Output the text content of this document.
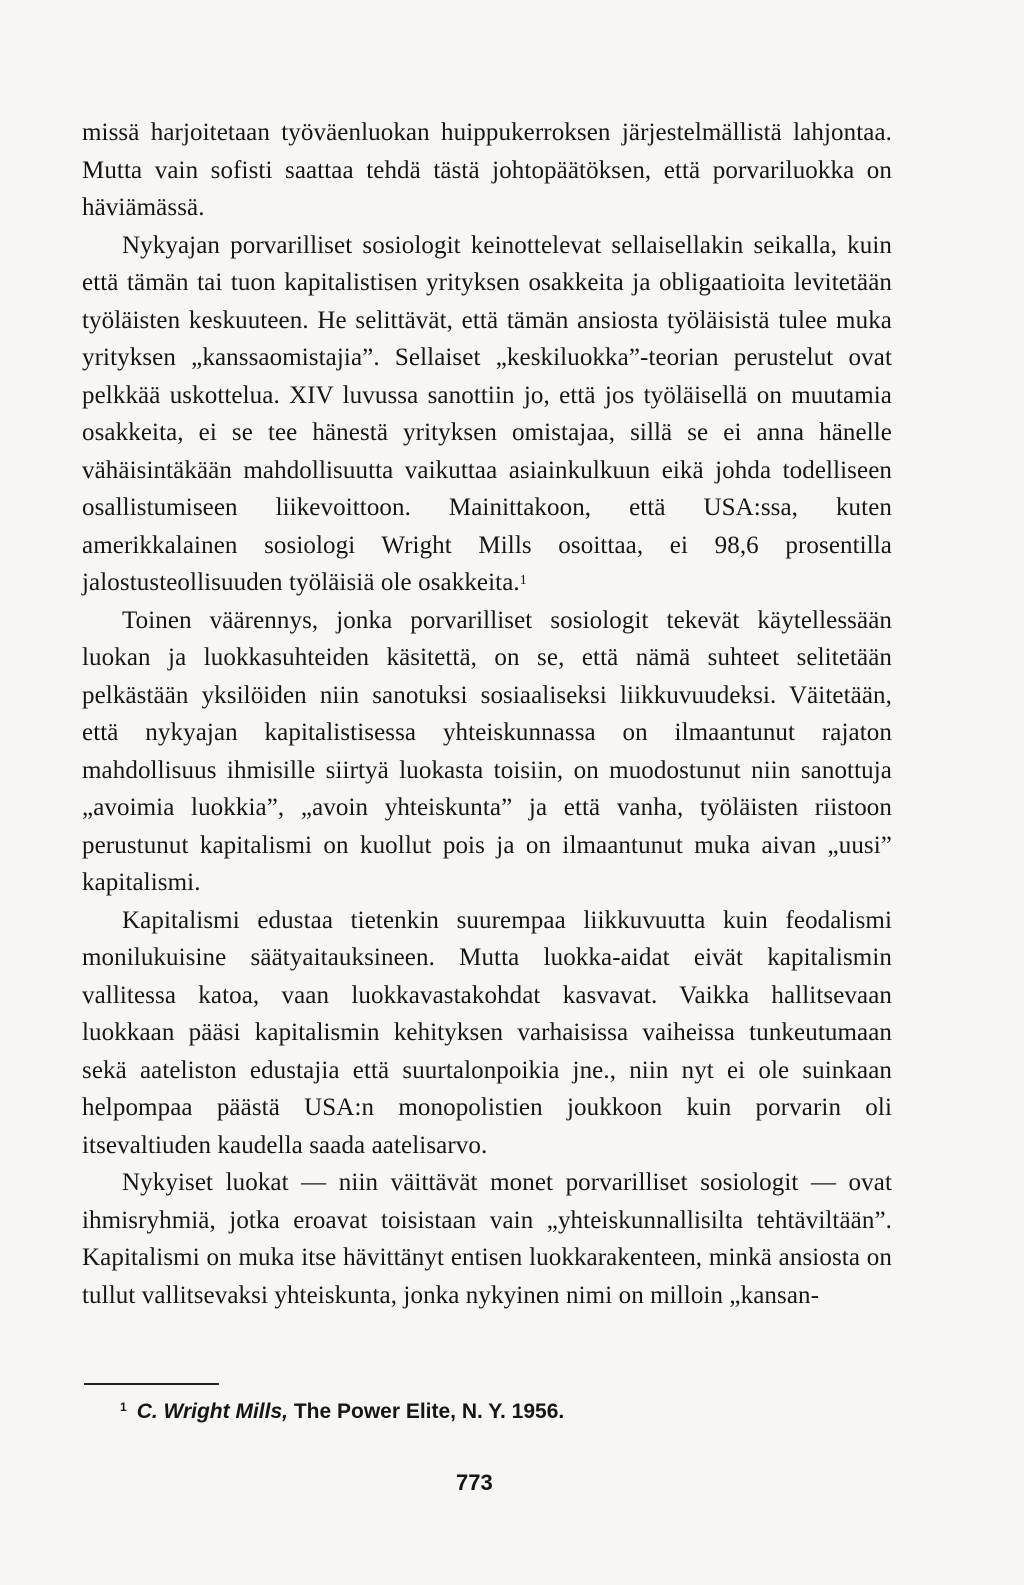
missä harjoitetaan työväenluokan huippukerroksen järjestelmällistä lahjontaa. Mutta vain sofisti saattaa tehdä tästä johtopäätöksen, että porvariluokka on häviämässä.

Nykyajan porvarilliset sosiologit keinottelevat sellaisellakin seikalla, kuin että tämän tai tuon kapitalistisen yrityksen osakkeita ja obligaatioita levitetään työläisten keskuuteen. He selittävät, että tämän ansiosta työläisistä tulee muka yrityksen „kanssaomistajia”. Sellaiset „keskiluokka”-teorian perustelut ovat pelkkää uskottelua. XIV luvussa sanottiin jo, että jos työläisellä on muutamia osakkeita, ei se tee hänestä yrityksen omistajaa, sillä se ei anna hänelle vähäisintäkään mahdollisuutta vaikuttaa asiainkulkuun eikä johda todelliseen osallistumiseen liikevoittoon. Mainittakoon, että USA:ssa, kuten amerikkalainen sosiologi Wright Mills osoittaa, ei 98,6 prosentilla jalostusteollisuuden työläisiä ole osakkeita.$^1$

Toinen väärennys, jonka porvarilliset sosiologit tekevät käytellessään luokan ja luokkasuhteiden käsitettä, on se, että nämä suhteet selitetään pelkästään yksilöiden niin sanotuksi sosiaaliseksi liikkuvuudeksi. Väitetään, että nykyajan kapitalistisessa yhteiskunnassa on ilmaantunut rajaton mahdollisuus ihmisille siirtyä luokasta toisiin, on muodostunut niin sanottuja „avoimia luokkia”, „avoin yhteiskunta” ja että vanha, työläisten riistoon perustunut kapitalismi on kuollut pois ja on ilmaantunut muka aivan „uusi” kapitalismi.

Kapitalismi edustaa tietenkin suurempaa liikkuvuutta kuin feodalismi monilukuisine säätyaitauksineen. Mutta luokka-aidat eivät kapitalismin vallitessa katoa, vaan luokkavastakohdat kasvavat. Vaikka hallitsevaan luokkaan pääsi kapitalismin kehityksen varhaisissa vaiheissa tunkeutumaan sekä aateliston edustajia että suurtalonpoikia jne., niin nyt ei ole suinkaan helpompaa päästä USA:n monopolistien joukkoon kuin porvarin oli itsevaltiuden kaudella saada aatelisarvo.

Nykyiset luokat — niin väittävät monet porvarilliset sosiologit — ovat ihmisryhmiä, jotka eroavat toisistaan vain „yhteiskunnallisilta tehtäviltään”. Kapitalismi on muka itse hävittänyt entisen luokkarakenteen, minkä ansiosta on tullut vallitsevaksi yhteiskunta, jonka nykyinen nimi on milloin „kansan-

$^1$ C. Wright Mills, The Power Elite, N. Y. 1956.
773
